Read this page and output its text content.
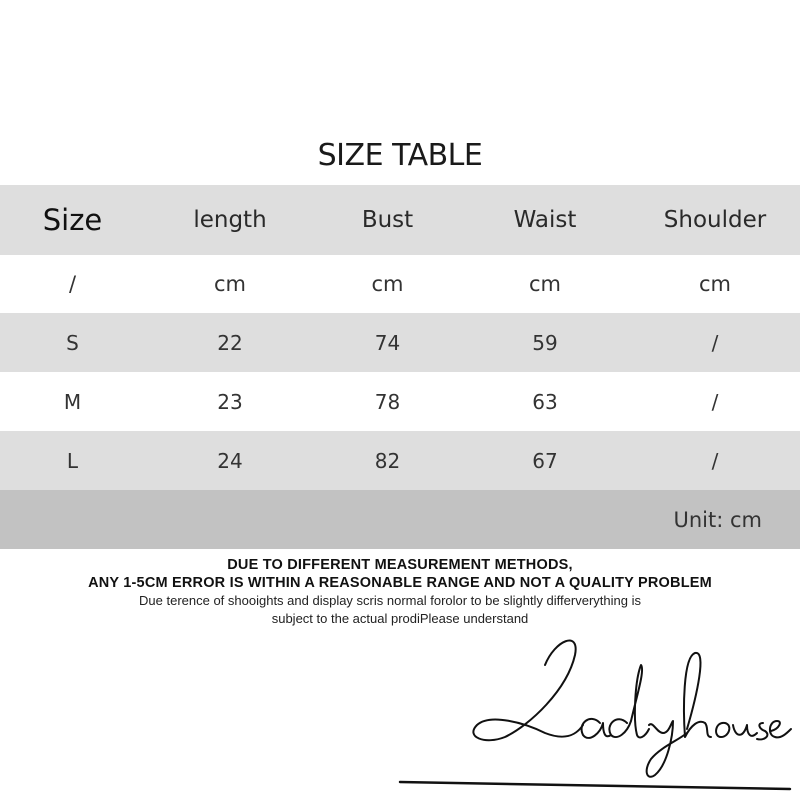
SIZE TABLE
Size	length	Bust	Waist	Shoulder
/	cm	cm	cm	cm
S	22	74	59	/
M	23	78	63	/
L	24	82	67	/
Unit: cm
DUE TO DIFFERENT MEASUREMENT METHODS,
ANY 1-5CM ERROR IS WITHIN A REASONABLE RANGE AND NOT A QUALITY PROBLEM
Due terence of shooights and display scris normal forolor to be slightly differverything is
subject to the actual prodiPlease understand
